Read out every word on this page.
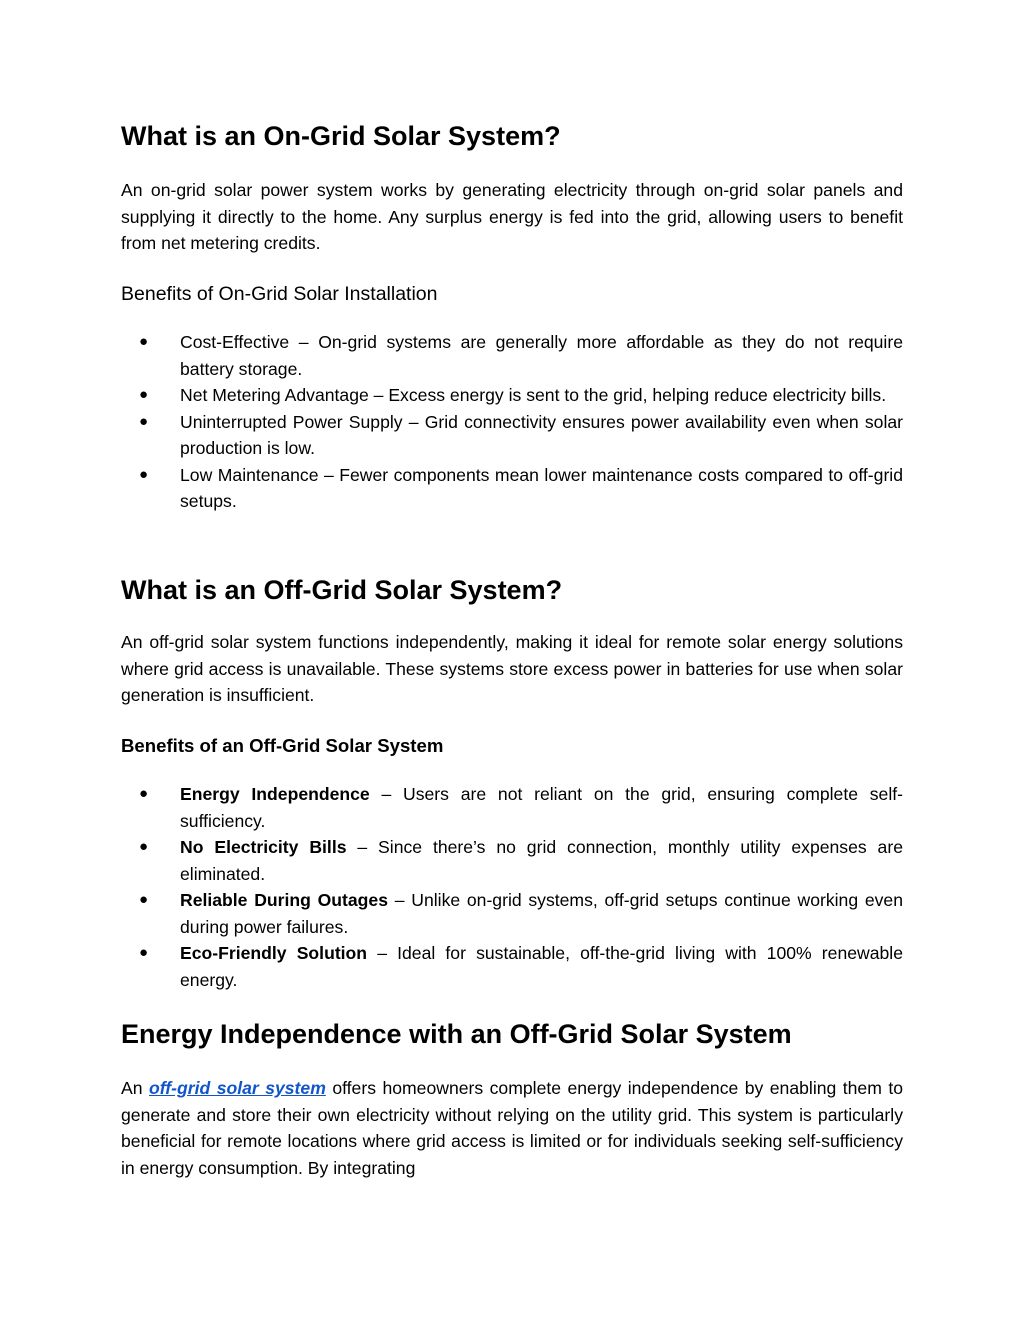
What is an On-Grid Solar System?

An on-grid solar power system works by generating electricity through on-grid solar panels and supplying it directly to the home. Any surplus energy is fed into the grid, allowing users to benefit from net metering credits.

Benefits of On-Grid Solar Installation

● Cost-Effective – On-grid systems are generally more affordable as they do not require battery storage.
● Net Metering Advantage – Excess energy is sent to the grid, helping reduce electricity bills.
● Uninterrupted Power Supply – Grid connectivity ensures power availability even when solar production is low.
● Low Maintenance – Fewer components mean lower maintenance costs compared to off-grid setups.
What is an Off-Grid Solar System?

An off-grid solar system functions independently, making it ideal for remote solar energy solutions where grid access is unavailable. These systems store excess power in batteries for use when solar generation is insufficient.

Benefits of an Off-Grid Solar System

● Energy Independence – Users are not reliant on the grid, ensuring complete self-sufficiency.
● No Electricity Bills – Since there’s no grid connection, monthly utility expenses are eliminated.
● Reliable During Outages – Unlike on-grid systems, off-grid setups continue working even during power failures.
● Eco-Friendly Solution – Ideal for sustainable, off-the-grid living with 100% renewable energy.
Energy Independence with an Off-Grid Solar System

An off-grid solar system offers homeowners complete energy independence by enabling them to generate and store their own electricity without relying on the utility grid. This system is particularly beneficial for remote locations where grid access is limited or for individuals seeking self-sufficiency in energy consumption. By integrating
